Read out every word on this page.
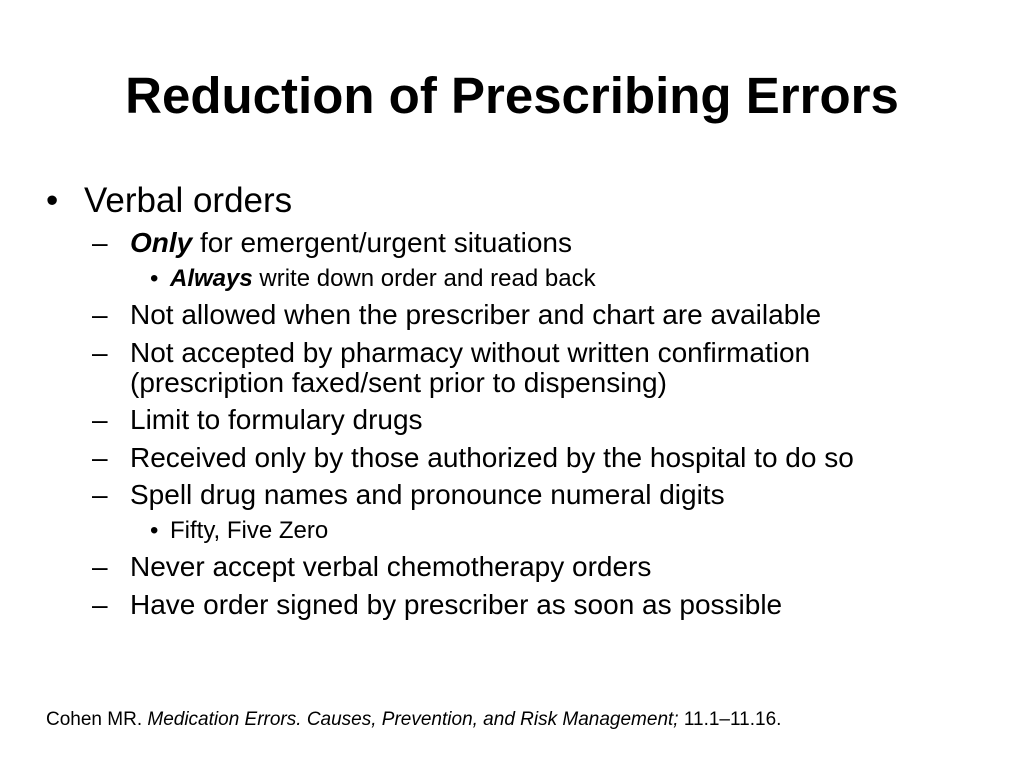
Reduction of Prescribing Errors
• Verbal orders
– Only for emergent/urgent situations
• Always write down order and read back
– Not allowed when the prescriber and chart are available
– Not accepted by pharmacy without written confirmation
(prescription faxed/sent prior to dispensing)
– Limit to formulary drugs
– Received only by those authorized by the hospital to do so
– Spell drug names and pronounce numeral digits
• Fifty, Five Zero
– Never accept verbal chemotherapy orders
– Have order signed by prescriber as soon as possible
Cohen MR. Medication Errors. Causes, Prevention, and Risk Management; 11.1–11.16.
